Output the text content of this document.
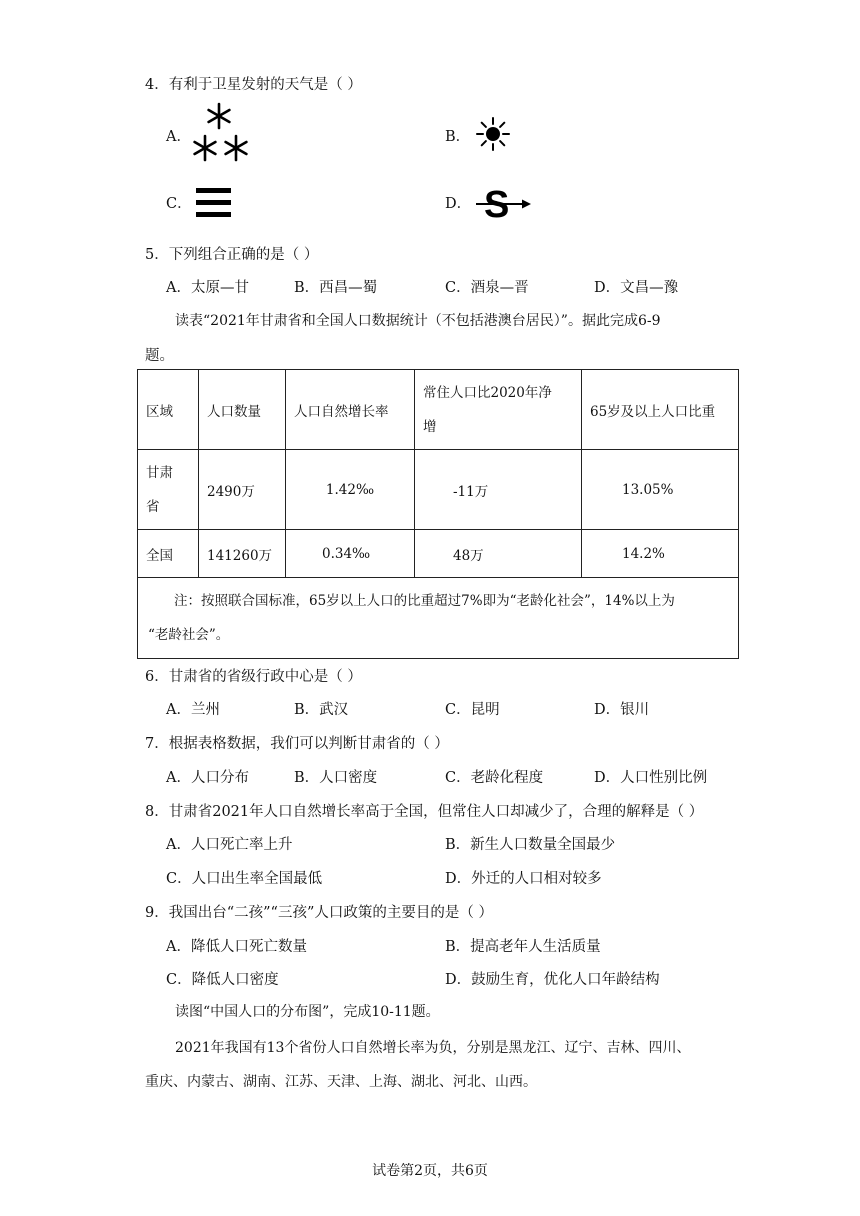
4．有利于卫星发射的天气是（ ）
A．	B．
C．	D． S
5．下列组合正确的是（ ）
A．太原—甘	B．西昌—蜀	C．酒泉—晋	D．文昌—豫
读表“2021年甘肃省和全国人口数据统计（不包括港澳台居民）”。据此完成6-9
题。
区域	人口数量	人口自然增长率	常住人口比2020年净
增	65岁及以上人口比重

甘肃
省	2490万	1.42‰	-11万	13.05%
全国	141260万	0.34‰	48万	14.2%

注：按照联合国标准，65岁以上人口的比重超过7%即为“老龄化社会”，14%以上为
“老龄社会”。				
6．甘肃省的省级行政中心是（ ）
A．兰州	B．武汉	C．昆明	D．银川
7．根据表格数据，我们可以判断甘肃省的（ ）
A．人口分布	B．人口密度	C．老龄化程度	D．人口性别比例
8．甘肃省2021年人口自然增长率高于全国，但常住人口却减少了，合理的解释是（ ）
A．人口死亡率上升	B．新生人口数量全国最少
C．人口出生率全国最低	D．外迁的人口相对较多
9．我国出台“二孩”“三孩”人口政策的主要目的是（ ）
A．降低人口死亡数量	B．提高老年人生活质量
C．降低人口密度	D．鼓励生育，优化人口年龄结构
读图“中国人口的分布图”，完成10-11题。
2021年我国有13个省份人口自然增长率为负，分别是黑龙江、辽宁、吉林、四川、
重庆、内蒙古、湖南、江苏、天津、上海、湖北、河北、山西。
试卷第2页，共6页
